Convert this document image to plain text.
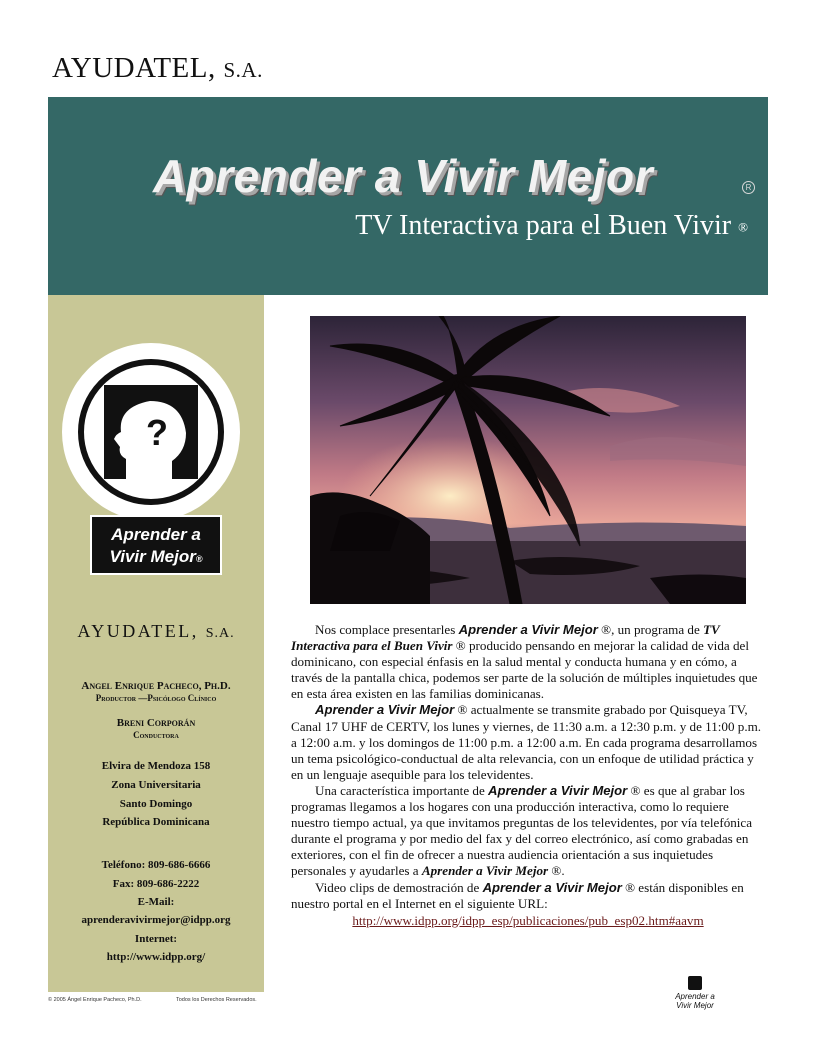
AYUDATEL, S.A.
Aprender a Vivir Mejor	R
TV Interactiva para el Buen Vivir ®
?
Aprender a
Vivir Mejor®
AYUDATEL, S.A.
Angel Enrique Pacheco, Ph.D.
Productor —Psicólogo Clínico
Breni Corporán
Conductora
Elvira de Mendoza 158
Zona Universitaria
Santo Domingo
República Dominicana
Teléfono: 809-686-6666
Fax: 809-686-2222
E-Mail:
aprenderavivirmejor@idpp.org
Internet:
http://www.idpp.org/

Nos complace presentarles Aprender a Vivir Mejor ®, un programa de TV Interactiva para el Buen Vivir ® producido pensando en mejorar la calidad de vida del dominicano, con especial énfasis en la salud mental y conducta humana y en cómo, a través de la pantalla chica, podemos ser parte de la solución de múltiples inquietudes que en esta área existen en las familias dominicanas.

Aprender a Vivir Mejor ® actualmente se transmite grabado por Quisqueya TV, Canal 17 UHF de CERTV, los lunes y viernes, de 11:30 a.m. a 12:30 p.m. y de 11:00 p.m. a 12:00 a.m. y los domingos de 11:00 p.m. a 12:00 a.m. En cada programa desarrollamos un tema psicológico-conductual de alta relevancia, con un enfoque de utilidad práctica y en un lenguaje asequible para los televidentes.

Una característica importante de Aprender a Vivir Mejor ® es que al grabar los programas llegamos a los hogares con una producción interactiva, como lo requiere nuestro tiempo actual, ya que invitamos preguntas de los televidentes, por vía telefónica durante el programa y por medio del fax y del correo electrónico, así como grabadas en exteriores, con el fin de ofrecer a nuestra audiencia orientación a sus inquietudes personales y ayudarles a Aprender a Vivir Mejor ®.

Video clips de demostración de Aprender a Vivir Mejor ® están disponibles en nuestro portal en el Internet en el siguiente URL:

http://www.idpp.org/idpp_esp/publicaciones/pub_esp02.htm#aavm

© 2005 Ángel Enrique Pacheco, Ph.D.	Todos los Derechos Reservados.	Aprender a
Vivir Mejor
